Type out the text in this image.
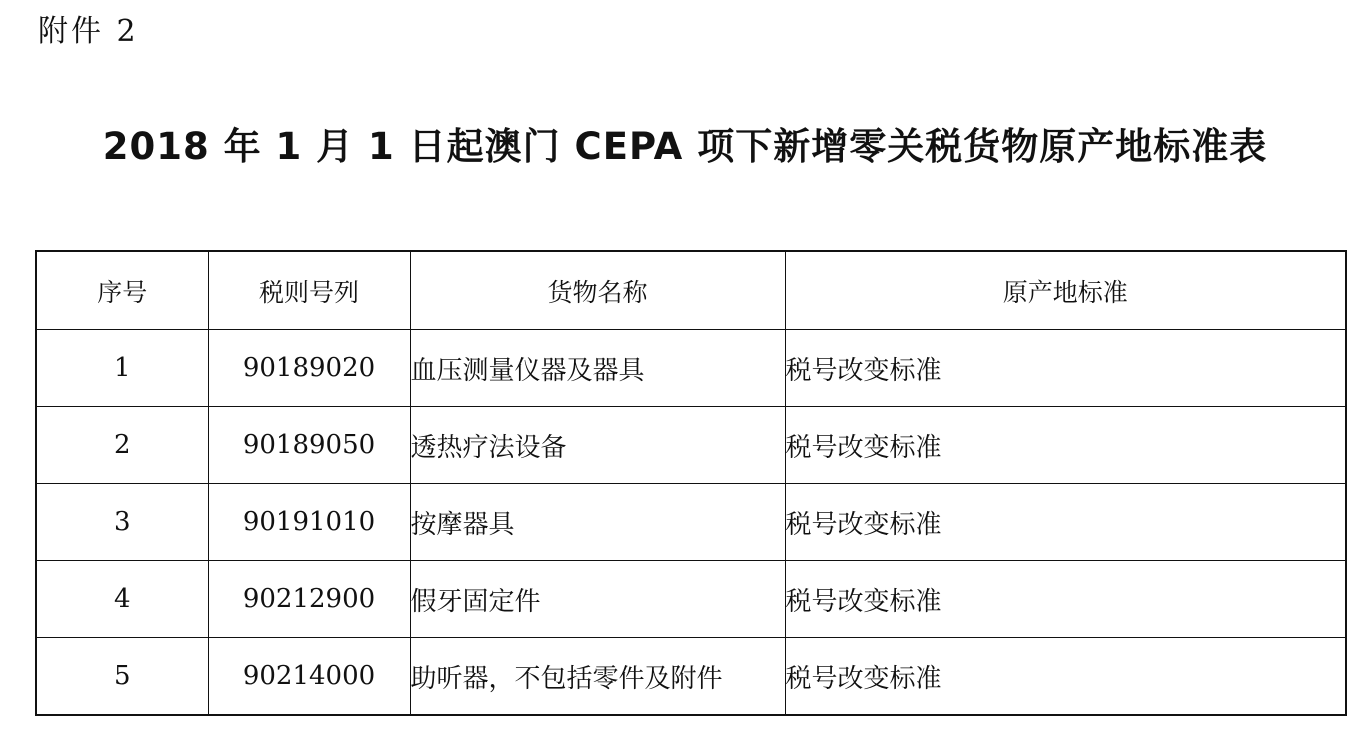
附件 2
2018 年 1 月 1 日起澳门 CEPA 项下新增零关税货物原产地标准表
序号	税则号列	货物名称	原产地标准
1	90189020	血压测量仪器及器具	税号改变标准
2	90189050	透热疗法设备	税号改变标准
3	90191010	按摩器具	税号改变标准
4	90212900	假牙固定件	税号改变标准
5	90214000	助听器，不包括零件及附件	税号改变标准
